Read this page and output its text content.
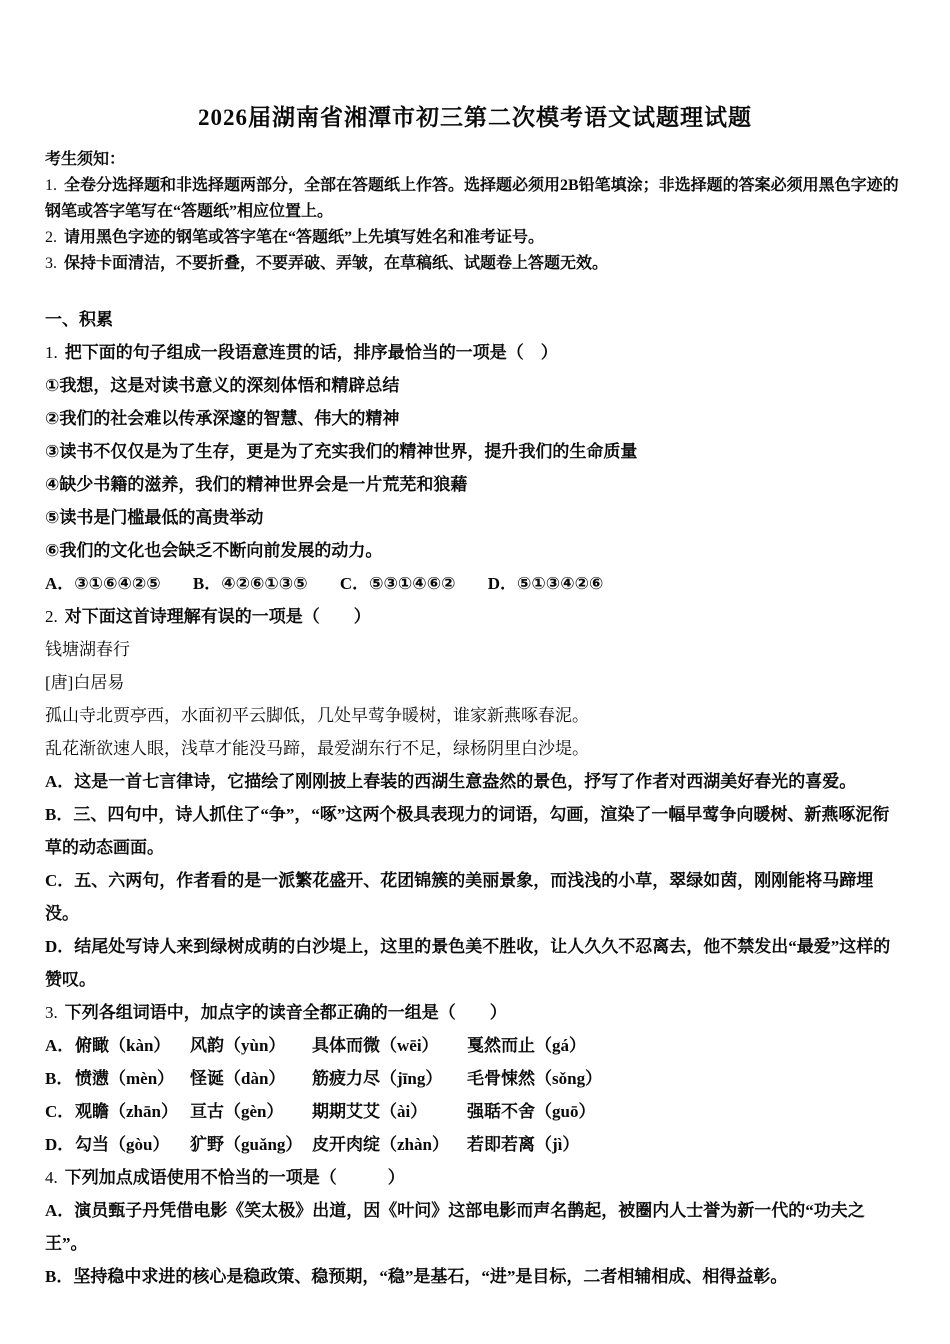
2026届湖南省湘潭市初三第二次模考语文试题理试题

考生须知：

1. 全卷分选择题和非选择题两部分，全部在答题纸上作答。选择题必须用2B铅笔填涂；非选择题的答案必须用黑色字迹的钢笔或答字笔写在“答题纸”相应位置上。

2. 请用黑色字迹的钢笔或答字笔在“答题纸”上先填写姓名和准考证号。

3. 保持卡面清洁，不要折叠，不要弄破、弄皱，在草稿纸、试题卷上答题无效。

一、积累

1. 把下面的句子组成一段语意连贯的话，排序最恰当的一项是（　）

①我想，这是对读书意义的深刻体悟和精辟总结

②我们的社会难以传承深邃的智慧、伟大的精神

③读书不仅仅是为了生存，更是为了充实我们的精神世界，提升我们的生命质量

④缺少书籍的滋养，我们的精神世界会是一片荒芜和狼藉

⑤读书是门槛最低的高贵举动

⑥我们的文化也会缺乏不断向前发展的动力。

A．③①⑥④②⑤ B．④②⑥①③⑤ C．⑤③①④⑥② D．⑤①③④②⑥

2. 对下面这首诗理解有误的一项是（　　）

钱塘湖春行

[唐]白居易

孤山寺北贾亭西，水面初平云脚低，几处早莺争暖树，谁家新燕啄春泥。

乱花渐欲速人眼，浅草才能没马蹄，最爱湖东行不足，绿杨阴里白沙堤。

A．这是一首七言律诗，它描绘了刚刚披上春装的西湖生意盎然的景色，抒写了作者对西湖美好春光的喜爱。

B．三、四句中，诗人抓住了“争”，“啄”这两个极具表现力的词语，勾画，渲染了一幅早莺争向暖树、新燕啄泥衔草的动态画面。

C．五、六两句，作者看的是一派繁花盛开、花团锦簇的美丽景象，而浅浅的小草，翠绿如茵，刚刚能将马蹄埋没。

D．结尾处写诗人来到绿树成萌的白沙堤上，这里的景色美不胜收，让人久久不忍离去，他不禁发出“最爱”这样的赞叹。

3. 下列各组词语中，加点字的读音全都正确的一组是（　　）

A．俯瞰（kàn） 风韵（yùn） 具体而微（wēi） 戛然而止（gá）

B．愤懑（mèn） 怪诞（dàn） 筋疲力尽（jīng） 毛骨悚然（sǒng）

C．观瞻（zhān） 亘古（gèn） 期期艾艾（ài） 强聒不舍（guō）

D．勾当（gòu） 犷野（guǎng） 皮开肉绽（zhàn） 若即若离（jì）

4. 下列加点成语使用不恰当的一项是（　　　）

A．演员甄子丹凭借电影《笑太极》出道，因《叶问》这部电影而声名鹊起，被圈内人士誉为新一代的“功夫之王”。

B．坚持稳中求进的核心是稳政策、稳预期，“稳”是基石，“进”是目标，二者相辅相成、相得益彰。
